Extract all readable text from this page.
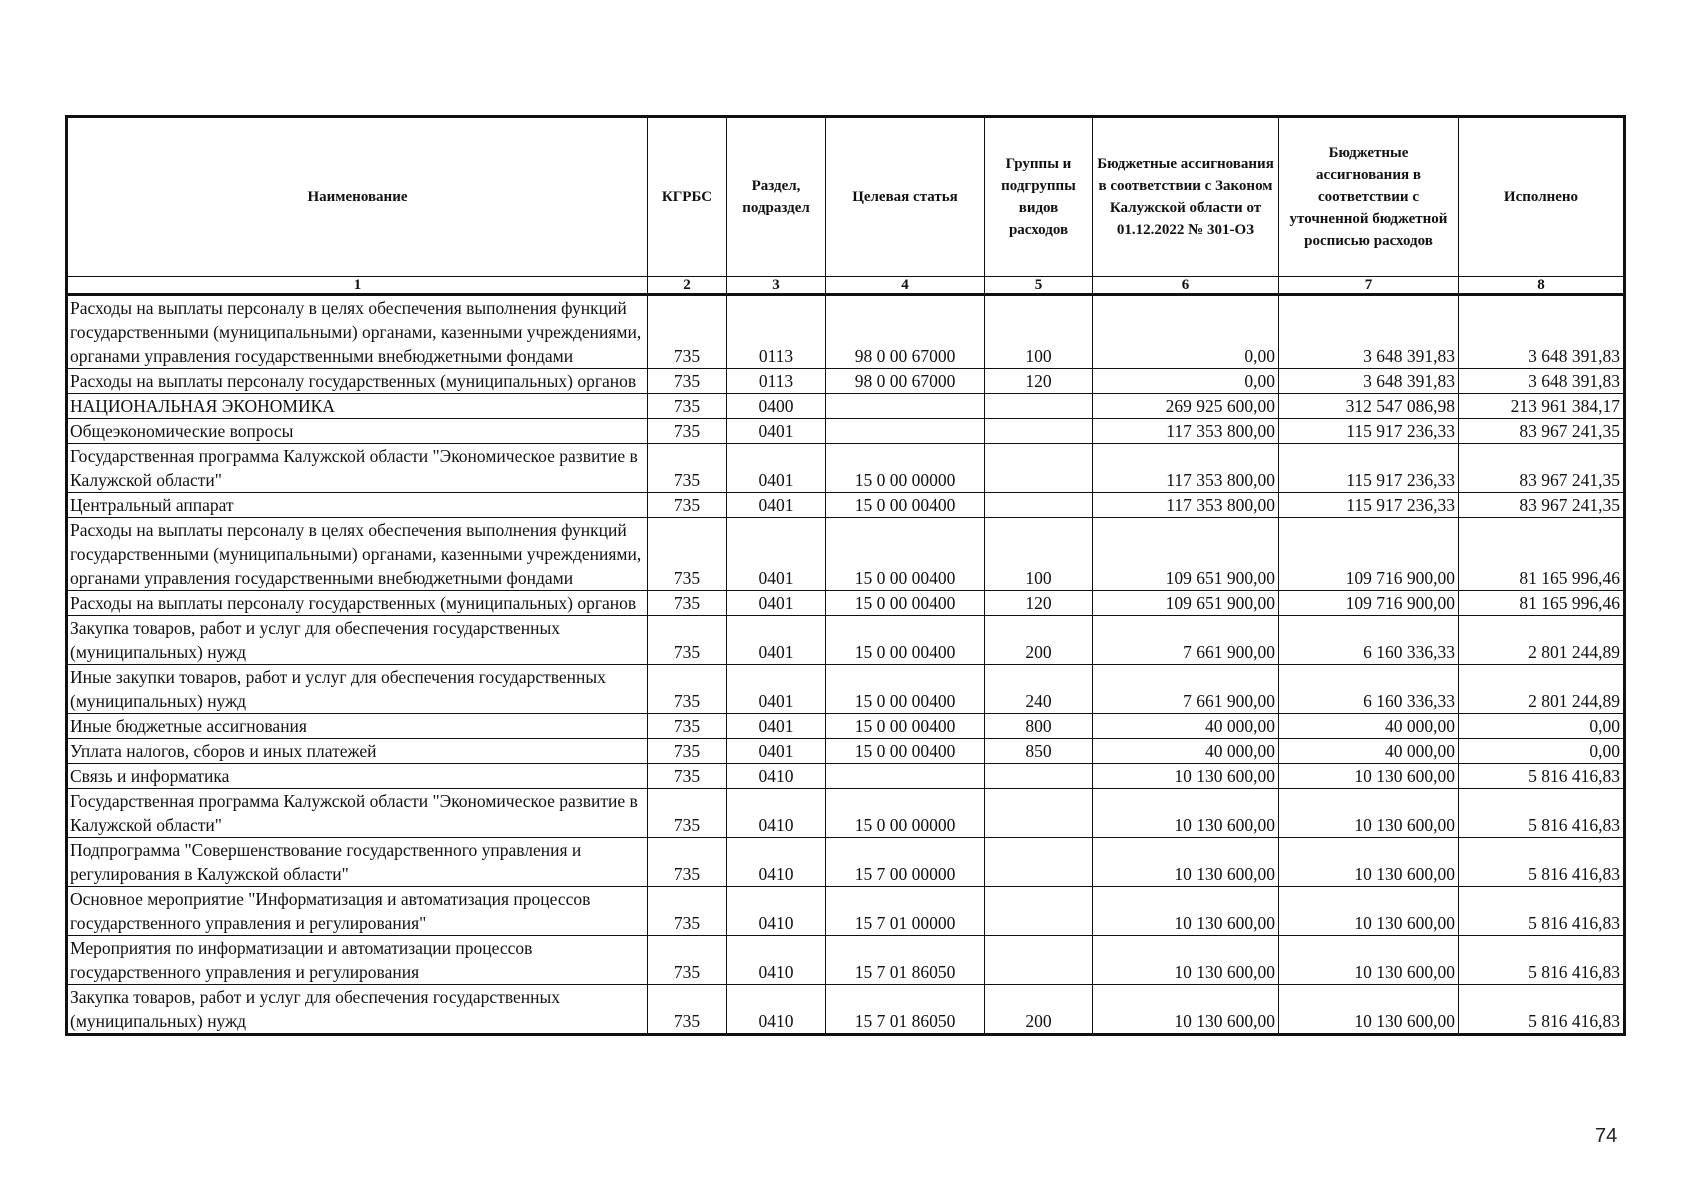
Наименование	КГРБС	Раздел, подраздел	Целевая статья	Группы и подгруппы видов расходов	Бюджетные ассигнования в соответствии с Законом Калужской области от 01.12.2022 № 301-ОЗ	Бюджетные ассигнования в соответствии с уточненной бюджетной росписью расходов	Исполнено
1	2	3	4	5	6	7	8
Расходы на выплаты персоналу в целях обеспечения выполнения функций государственными (муниципальными) органами, казенными учреждениями, органами управления государственными внебюджетными фондами	735	0113	98 0 00 67000	100	0,00	3 648 391,83	3 648 391,83
Расходы на выплаты персоналу государственных (муниципальных) органов	735	0113	98 0 00 67000	120	0,00	3 648 391,83	3 648 391,83
НАЦИОНАЛЬНАЯ ЭКОНОМИКА	735	0400			269 925 600,00	312 547 086,98	213 961 384,17
Общеэкономические вопросы	735	0401			117 353 800,00	115 917 236,33	83 967 241,35
Государственная программа Калужской области "Экономическое развитие в Калужской области"	735	0401	15 0 00 00000		117 353 800,00	115 917 236,33	83 967 241,35
Центральный аппарат	735	0401	15 0 00 00400		117 353 800,00	115 917 236,33	83 967 241,35
Расходы на выплаты персоналу в целях обеспечения выполнения функций государственными (муниципальными) органами, казенными учреждениями, органами управления государственными внебюджетными фондами	735	0401	15 0 00 00400	100	109 651 900,00	109 716 900,00	81 165 996,46
Расходы на выплаты персоналу государственных (муниципальных) органов	735	0401	15 0 00 00400	120	109 651 900,00	109 716 900,00	81 165 996,46
Закупка товаров, работ и услуг для обеспечения государственных (муниципальных) нужд	735	0401	15 0 00 00400	200	7 661 900,00	6 160 336,33	2 801 244,89
Иные закупки товаров, работ и услуг для обеспечения государственных (муниципальных) нужд	735	0401	15 0 00 00400	240	7 661 900,00	6 160 336,33	2 801 244,89
Иные бюджетные ассигнования	735	0401	15 0 00 00400	800	40 000,00	40 000,00	0,00
Уплата налогов, сборов и иных платежей	735	0401	15 0 00 00400	850	40 000,00	40 000,00	0,00
Связь и информатика	735	0410			10 130 600,00	10 130 600,00	5 816 416,83
Государственная программа Калужской области "Экономическое развитие в Калужской области"	735	0410	15 0 00 00000		10 130 600,00	10 130 600,00	5 816 416,83
Подпрограмма "Совершенствование государственного управления и регулирования в Калужской области"	735	0410	15 7 00 00000		10 130 600,00	10 130 600,00	5 816 416,83
Основное мероприятие "Информатизация и автоматизация процессов государственного управления и регулирования"	735	0410	15 7 01 00000		10 130 600,00	10 130 600,00	5 816 416,83
Мероприятия по информатизации и автоматизации процессов государственного управления и регулирования	735	0410	15 7 01 86050		10 130 600,00	10 130 600,00	5 816 416,83
Закупка товаров, работ и услуг для обеспечения государственных (муниципальных) нужд	735	0410	15 7 01 86050	200	10 130 600,00	10 130 600,00	5 816 416,83
74
